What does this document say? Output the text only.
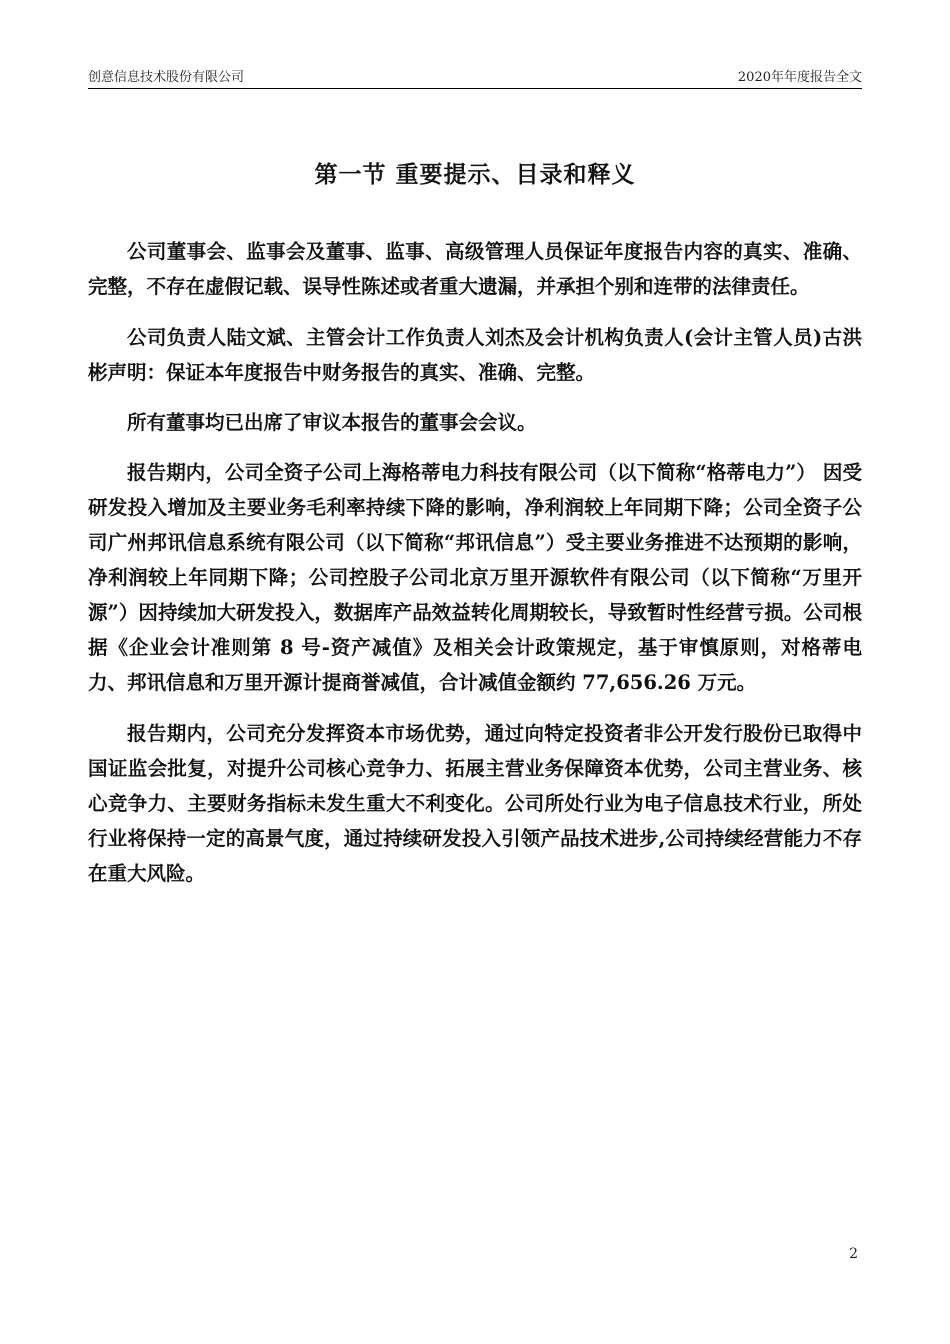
创意信息技术股份有限公司	2020年年度报告全文
第一节 重要提示、目录和释义

公司董事会、监事会及董事、监事、高级管理人员保证年度报告内容的真实、准确、完整，不存在虚假记载、误导性陈述或者重大遗漏，并承担个别和连带的法律责任。

公司负责人陆文斌、主管会计工作负责人刘杰及会计机构负责人(会计主管人员)古洪彬声明：保证本年度报告中财务报告的真实、准确、完整。

所有董事均已出席了审议本报告的董事会会议。

报告期内，公司全资子公司上海格蒂电力科技有限公司（以下简称“格蒂电力”） 因受研发投入增加及主要业务毛利率持续下降的影响，净利润较上年同期下降；公司全资子公司广州邦讯信息系统有限公司（以下简称“邦讯信息”）受主要业务推进不达预期的影响，净利润较上年同期下降；公司控股子公司北京万里开源软件有限公司（以下简称“万里开源”）因持续加大研发投入，数据库产品效益转化周期较长，导致暂时性经营亏损。公司根据《企业会计准则第 8 号-资产减值》及相关会计政策规定，基于审慎原则，对格蒂电力、邦讯信息和万里开源计提商誉减值，合计减值金额约 77,656.26 万元。

报告期内，公司充分发挥资本市场优势，通过向特定投资者非公开发行股份已取得中国证监会批复，对提升公司核心竞争力、拓展主营业务保障资本优势，公司主营业务、核心竞争力、主要财务指标未发生重大不利变化。公司所处行业为电子信息技术行业，所处行业将保持一定的高景气度，通过持续研发投入引领产品技术进步,公司持续经营能力不存在重大风险。

2
